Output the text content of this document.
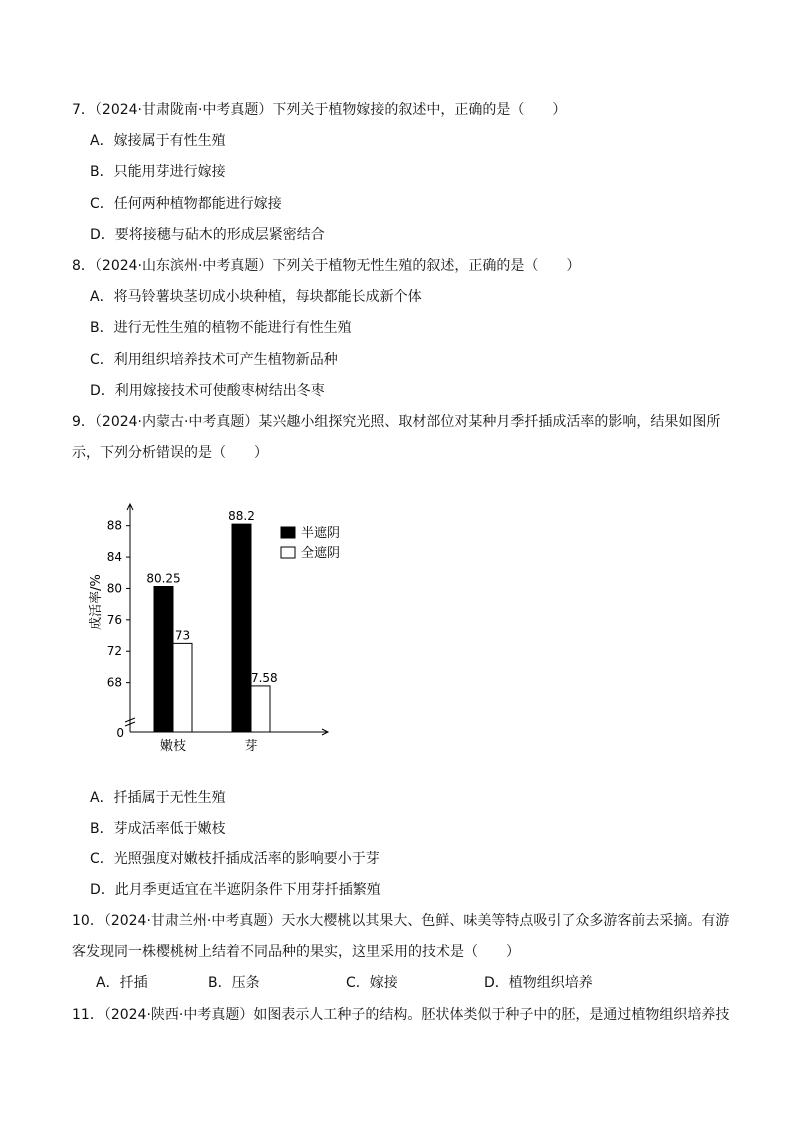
7．（2024·甘肃陇南·中考真题）下列关于植物嫁接的叙述中，正确的是（　　）
A．嫁接属于有性生殖
B．只能用芽进行嫁接
C．任何两种植物都能进行嫁接
D．要将接穗与砧木的形成层紧密结合
8．（2024·山东滨州·中考真题）下列关于植物无性生殖的叙述，正确的是（　　）
A．将马铃薯块茎切成小块种植，每块都能长成新个体
B．进行无性生殖的植物不能进行有性生殖
C．利用组织培养技术可产生植物新品种
D．利用嫁接技术可使酸枣树结出冬枣
9．（2024·内蒙古·中考真题）某兴趣小组探究光照、取材部位对某种月季扦插成活率的影响，结果如图所
示，下列分析错误的是（　　）
成活率/%
68
72
76
80
84
88
0
80.25
73
嫩枝
88.2
67.58
芽
半遮阴
全遮阴
A．扦插属于无性生殖
B．芽成活率低于嫩枝
C．光照强度对嫩枝扦插成活率的影响要小于芽
D．此月季更适宜在半遮阴条件下用芽扦插繁殖
10．（2024·甘肃兰州·中考真题）天水大樱桃以其果大、色鲜、味美等特点吸引了众多游客前去采摘。有游
客发现同一株樱桃树上结着不同品种的果实，这里采用的技术是（　　）
A．扦插	B．压条	C．嫁接	D．植物组织培养
11．（2024·陕西·中考真题）如图表示人工种子的结构。胚状体类似于种子中的胚，是通过植物组织培养技
